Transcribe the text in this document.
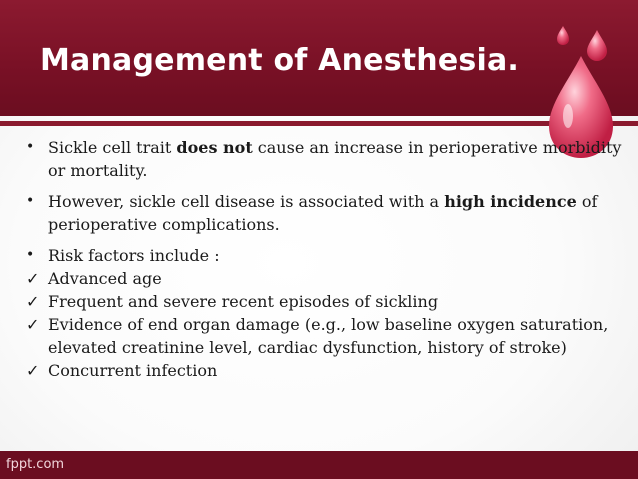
Management of Anesthesia.
• Sickle cell trait does not cause an increase in perioperative morbidity or mortality.
• However, sickle cell disease is associated with a high incidence of perioperative complications.
• Risk factors include :
✓ Advanced age
✓ Frequent and severe recent episodes of sickling
✓ Evidence of end organ damage (e.g., low baseline oxygen saturation, elevated creatinine level, cardiac dysfunction, history of stroke)
✓ Concurrent infection
fppt.com
